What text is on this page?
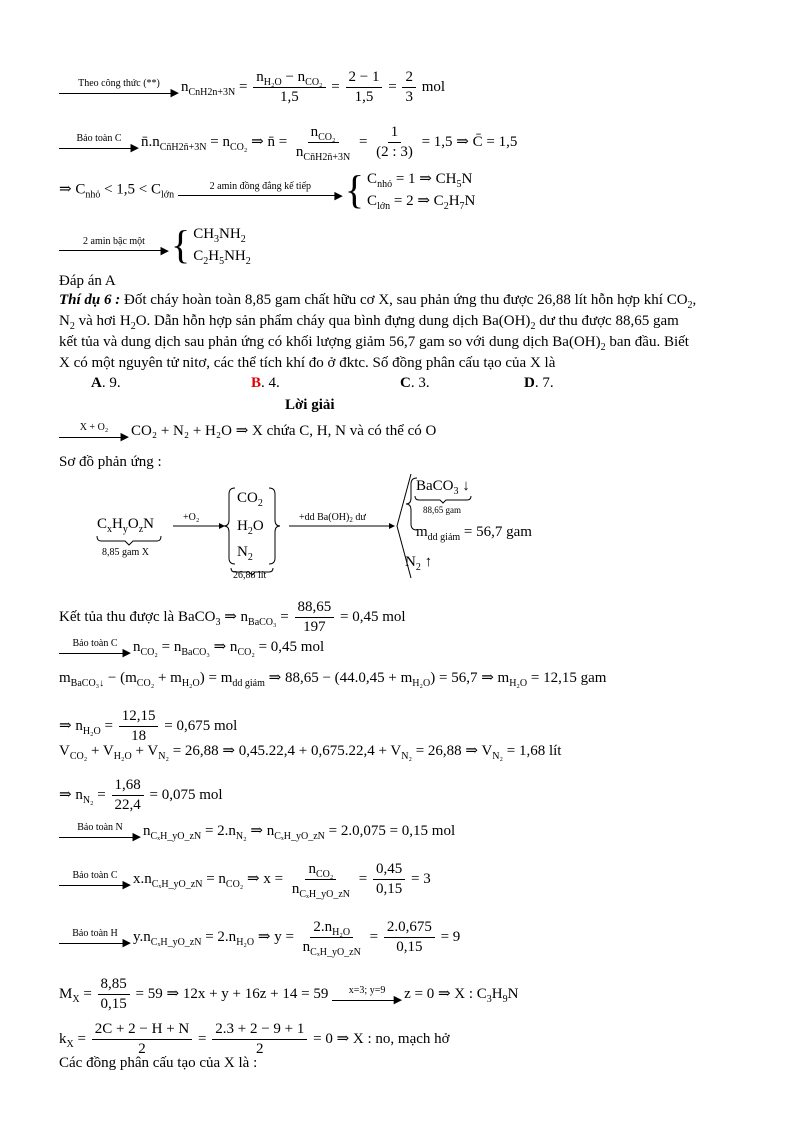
Theo công thức (**)
▶ $n_{CnH2n+3N} = \frac{n_{H_2O} - n_{CO_2}}{1,5} = \frac{2 - 1}{1,5} = \frac{2}{3}$ mol
Bảo toàn C
▶ $n̄.n_{Cn̄H2n̄+3N} = n_{CO_2}$ ⇒ n̄ = $\frac{n_{CO_2}}{n_{Cn̄H2n̄+3N}} = \frac{1}{(2 : 3)} = 1,5$ ⇒ C̄ = 1,5
⇒ $C_{nhỏ} < 1,5 < C_{lớn}$
2 amin đồng đẳng kế tiếp
▶ { $C_{nhỏ} = 1$ ⇒ $CH_5N$
$C_{lớn} = 2$ ⇒ $C_2H_7N$
2 amin bậc một
▶ { $CH_3NH_2$
$C_2H_5NH_2$
Đáp án A
Thí dụ 6 : Đốt cháy hoàn toàn 8,85 gam chất hữu cơ X, sau phản ứng thu được 26,88 lít hỗn hợp khí $CO_2$,
$N_2$ và hơi $H_2O$. Dẫn hỗn hợp sản phẩm cháy qua bình đựng dung dịch $Ba(OH)_2$ dư thu được 88,65 gam
kết tủa và dung dịch sau phản ứng có khối lượng giảm 56,7 gam so với dung dịch $Ba(OH)_2$ ban đầu. Biết
X có một nguyên tử nitơ, các thể tích khí đo ở đktc. Số đồng phân cấu tạo của X là
A. 9.	B. 4.	C. 3.	D. 7.
Lời giải
X + O₂
▶ CO₂ + N₂ + H₂O ⇒ X chứa C, H, N và có thể có O
Sơ đồ phản ứng :
$C_xH_yO_zN$
8,85 gam X
+O₂
$CO_2$
$H_2O$
$N_2$
26,88 lít
+dd $Ba(OH)_2$ dư
BaCO$_3$ ↓
88,65 gam
$m_{dd giảm} = 56,7$ gam
$N_2$ ↑
Kết tủa thu được là BaCO$_3$ ⇒ $n_{BaCO_3} = \frac{88,65}{197} = 0,45$ mol
Bảo toàn C
▶ $n_{CO_2} = n_{BaCO_3}$ ⇒ $n_{CO_2} = 0,45$ mol
$m_{BaCO_3↓} - (m_{CO_2} + m_{H_2O}) = m_{dd giảm}$ ⇒ $88,65 - (44.0,45 + m_{H_2O}) = 56,7$ ⇒ $m_{H_2O} = 12,15$ gam
⇒ $n_{H_2O} = \frac{12,15}{18} = 0,675$ mol
$V_{CO_2} + V_{H_2O} + V_{N_2} = 26,88$ ⇒ $0,45.22,4 + 0,675.22,4 + V_{N_2} = 26,88$ ⇒ $V_{N_2} = 1,68$ lít
⇒ $n_{N_2} = \frac{1,68}{22,4} = 0,075$ mol
Bảo toàn N
▶ $n_{C_xH\_yO\_zN} = 2.n_{N_2}$ ⇒ $n_{C_xH\_yO\_zN} = 2.0,075 = 0,15$ mol
Bảo toàn C
▶ $x.n_{C_xH\_yO\_zN} = n_{CO_2}$ ⇒ $x = \frac{n_{CO_2}}{n_{C_xH\_yO\_zN}} = \frac{0,45}{0,15} = 3$
Bảo toàn H
▶ $y.n_{C_xH\_yO\_zN} = 2.n_{H_2O}$ ⇒ $y = \frac{2.n_{H_2O}}{n_{C_xH\_yO\_zN}} = \frac{2.0,675}{0,15} = 9$
$M_X = \frac{8,85}{0,15} = 59$ ⇒ 12x + y + 16z + 14 = 59	x=3; y=9
▶ z = 0 ⇒ X : $C_3H_9N$
$k_X = \frac{2C + 2 - H + N}{2} = \frac{2.3 + 2 - 9 + 1}{2} = 0$ ⇒ X : no, mạch hở
Các đồng phân cấu tạo của X là :
